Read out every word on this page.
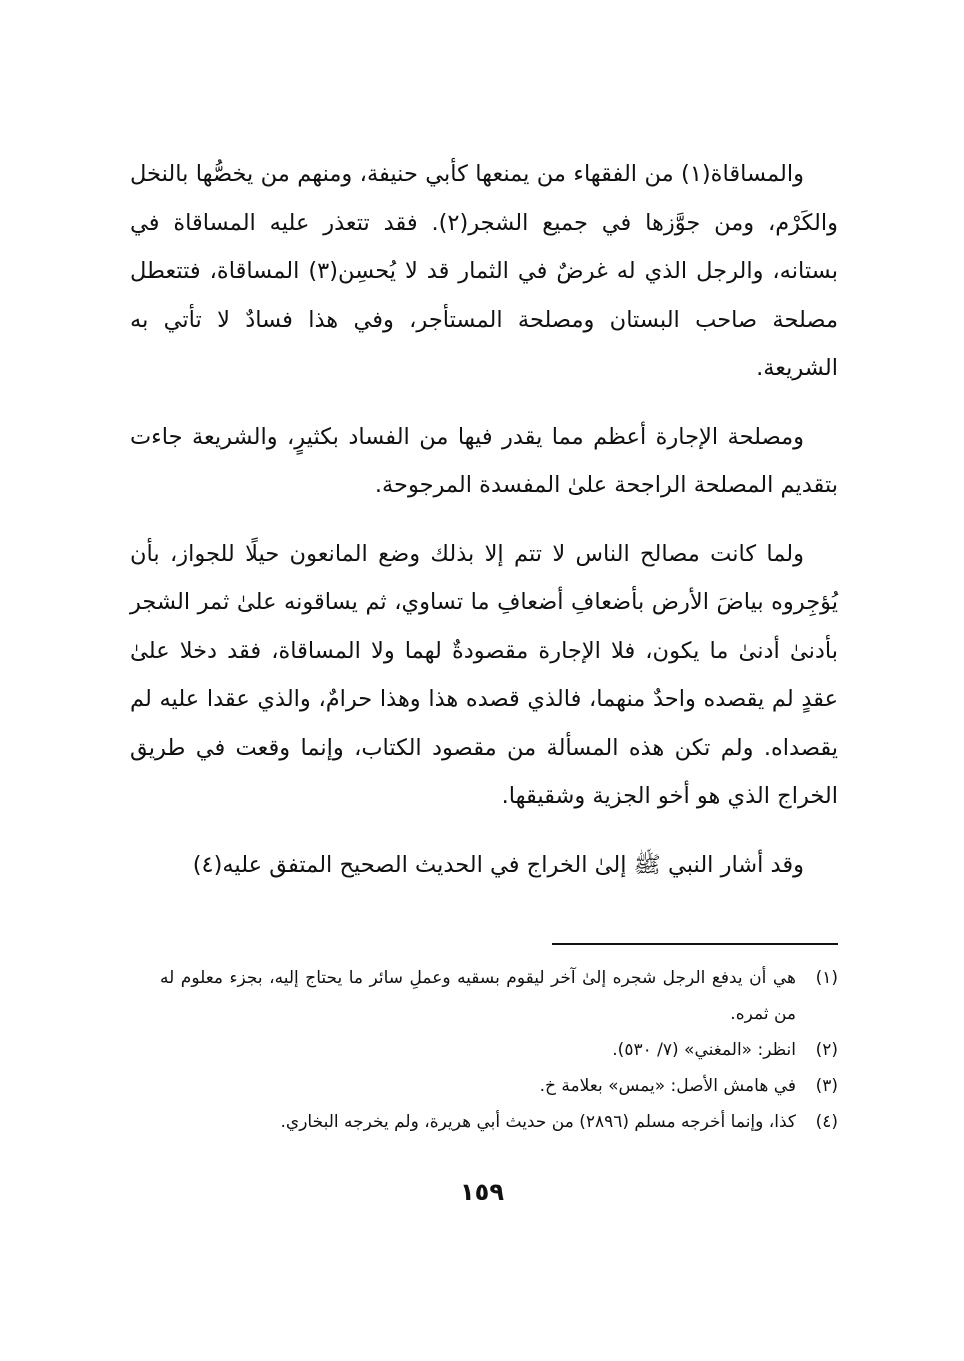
والمساقاة(١) من الفقهاء من يمنعها كأبي حنيفة، ومنهم من يخصُّها بالنخل والكَرْم، ومن جوَّزها في جميع الشجر(٢). فقد تتعذر عليه المساقاة في بستانه، والرجل الذي له غرضٌ في الثمار قد لا يُحسِن(٣) المساقاة، فتتعطل مصلحة صاحب البستان ومصلحة المستأجر، وفي هذا فسادٌ لا تأتي به الشريعة.

ومصلحة الإجارة أعظم مما يقدر فيها من الفساد بكثيرٍ، والشريعة جاءت بتقديم المصلحة الراجحة علىٰ المفسدة المرجوحة.

ولما كانت مصالح الناس لا تتم إلا بذلك وضع المانعون حيلًا للجواز، بأن يُؤجِروه بياضَ الأرض بأضعافِ أضعافِ ما تساوي، ثم يساقونه علىٰ ثمر الشجر بأدنىٰ أدنىٰ ما يكون، فلا الإجارة مقصودةٌ لهما ولا المساقاة، فقد دخلا علىٰ عقدٍ لم يقصده واحدٌ منهما، فالذي قصده هذا وهذا حرامٌ، والذي عقدا عليه لم يقصداه. ولم تكن هذه المسألة من مقصود الكتاب، وإنما وقعت في طريق الخراج الذي هو أخو الجزية وشقيقها.

وقد أشار النبي ﷺ إلىٰ الخراج في الحديث الصحيح المتفق عليه(٤)

(١)
هي أن يدفع الرجل شجره إلىٰ آخر ليقوم بسقيه وعملِ سائر ما يحتاج إليه، بجزء معلوم له من ثمره.
(٢)
انظر: «المغني» (٧/ ٥٣٠).
(٣)
في هامش الأصل: «يمس» بعلامة خ.
(٤)
كذا، وإنما أخرجه مسلم (٢٨٩٦) من حديث أبي هريرة، ولم يخرجه البخاري.
١٥٩
